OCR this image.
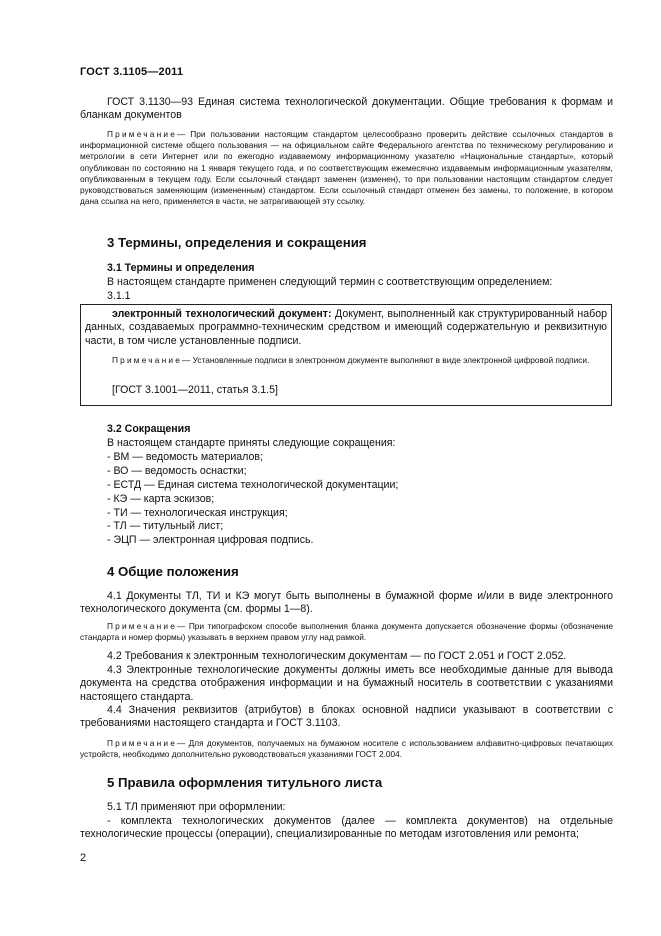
ГОСТ 3.1105—2011
ГОСТ 3.1130—93 Единая система технологической документации. Общие требования к формам и бланкам документов
Примечание— При пользовании настоящим стандартом целесообразно проверить действие ссылочных стандартов в информационной системе общего пользования — на официальном сайте Федерального агентства по техническому регулированию и метрологии в сети Интернет или по ежегодно издаваемому информационному указателю «Национальные стандарты», который опубликован по состоянию на 1 января текущего года, и по соответствующим ежемесячно издаваемым информационным указателям, опубликованным в текущем году. Если ссылочный стандарт заменен (изменен), то при пользовании настоящим стандартом следует руководствоваться заменяющим (измененным) стандартом. Если ссылочный стандарт отменен без замены, то положение, в котором дана ссылка на него, применяется в части, не затрагивающей эту ссылку.
3 Термины, определения и сокращения
3.1 Термины и определения
В настоящем стандарте применен следующий термин с соответствующим определением:
3.1.1
электронный технологический документ: Документ, выполненный как структурированный набор данных, создаваемых программно-техническим средством и имеющий содержательную и реквизитную части, в том числе установленные подписи.
Примечание— Установленные подписи в электронном документе выполняют в виде электронной цифровой подписи.
[ГОСТ 3.1001—2011, статья 3.1.5]
3.2 Сокращения
В настоящем стандарте приняты следующие сокращения:
- ВМ — ведомость материалов;
- ВО — ведомость оснастки;
- ЕСТД — Единая система технологической документации;
- КЭ — карта эскизов;
- ТИ — технологическая инструкция;
- ТЛ — титульный лист;
- ЭЦП — электронная цифровая подпись.
4 Общие положения
4.1 Документы ТЛ, ТИ и КЭ могут быть выполнены в бумажной форме и/или в виде электронного технологического документа (см. формы 1—8).
Примечание— При типографском способе выполнения бланка документа допускается обозначение формы (обозначение стандарта и номер формы) указывать в верхнем правом углу над рамкой.
4.2 Требования к электронным технологическим документам — по ГОСТ 2.051 и ГОСТ 2.052.
4.3 Электронные технологические документы должны иметь все необходимые данные для вывода документа на средства отображения информации и на бумажный носитель в соответствии с указаниями настоящего стандарта.
4.4 Значения реквизитов (атрибутов) в блоках основной надписи указывают в соответствии с требованиями настоящего стандарта и ГОСТ 3.1103.
Примечание— Для документов, получаемых на бумажном носителе с использованием алфавитно-цифровых печатающих устройств, необходимо дополнительно руководствоваться указаниями ГОСТ 2.004.
5 Правила оформления титульного листа
5.1 ТЛ применяют при оформлении:
- комплекта технологических документов (далее — комплекта документов) на отдельные технологические процессы (операции), специализированные по методам изготовления или ремонта;
2
